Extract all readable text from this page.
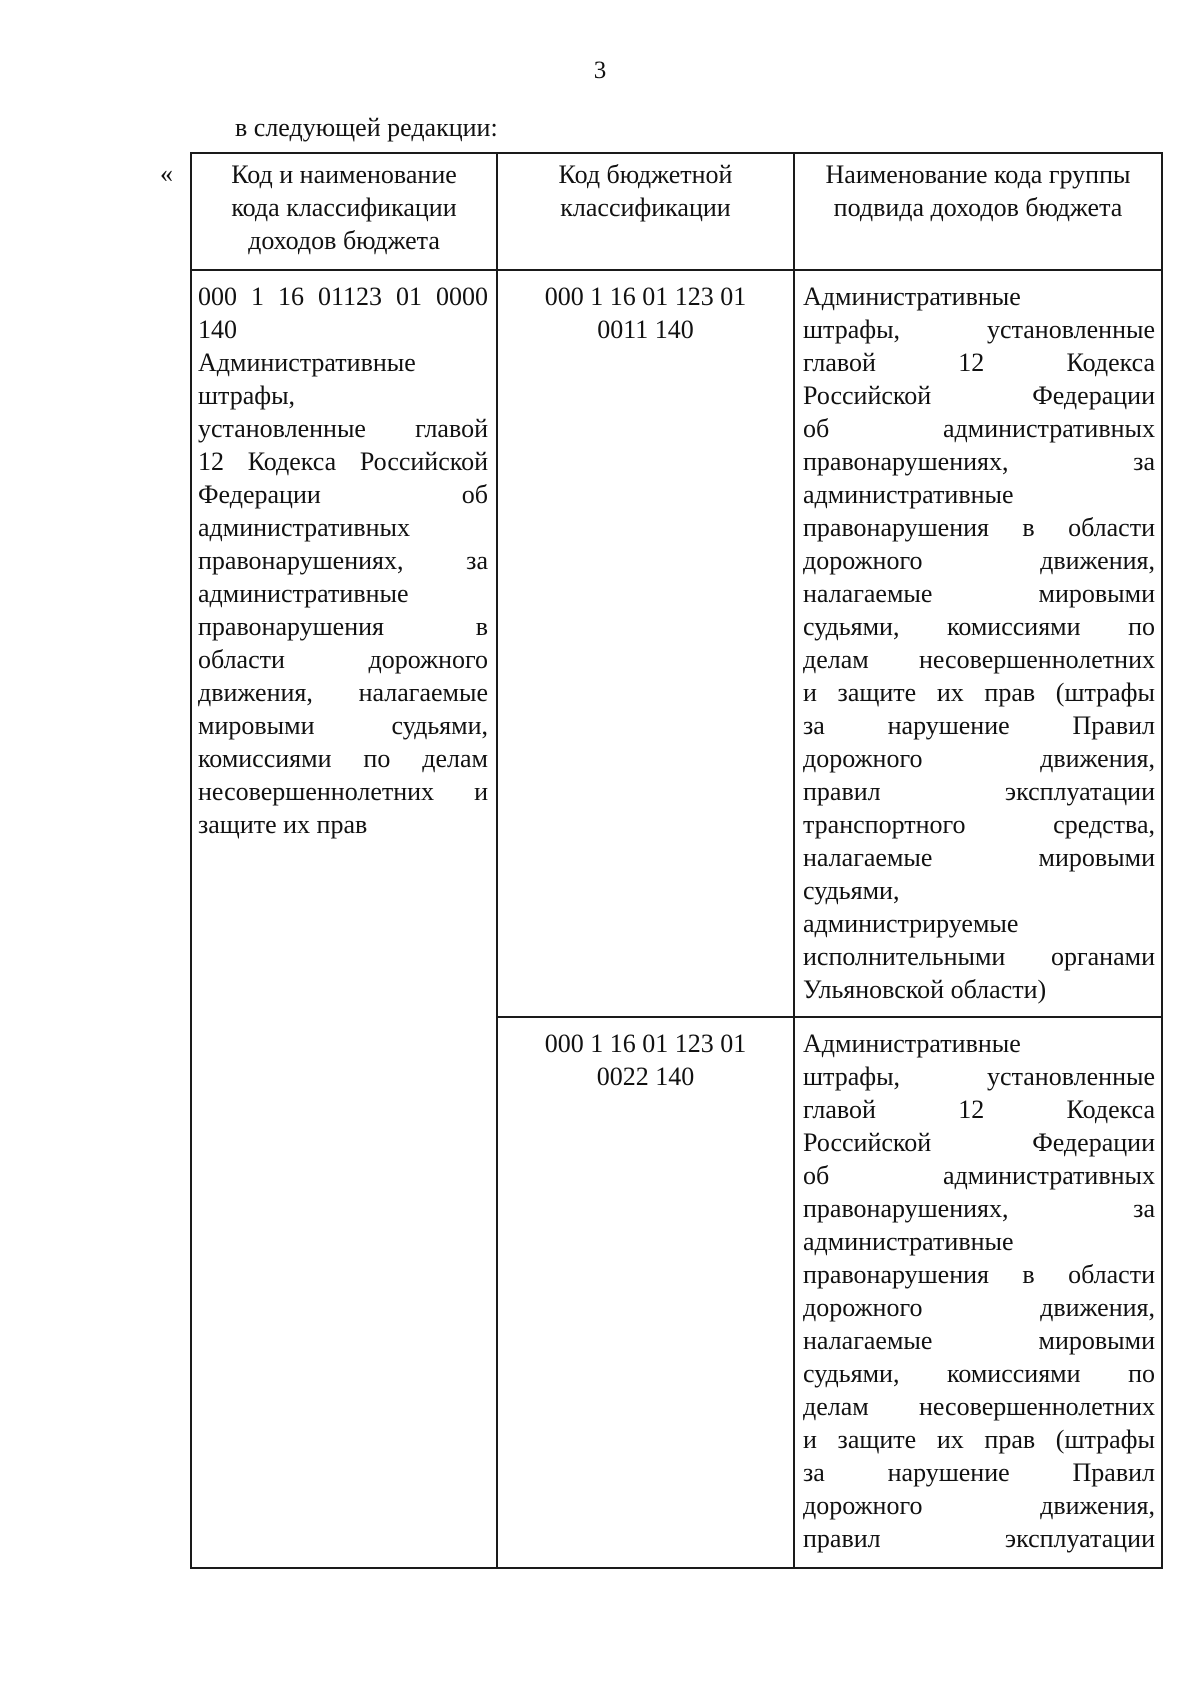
3
в следующей редакции:
«	Код и наименование
кода классификации
доходов бюджета
Код бюджетной
классификации
Наименование кода группы
подвида доходов бюджета
000 1 16 01123 01 0000
140
Административные
штрафы,
установленные главой
12 Кодекса Российской
Федерации об
административных
правонарушениях, за
административные
правонарушения в
области дорожного
движения, налагаемые
мировыми судьями,
комиссиями по делам
несовершеннолетних и
защите их прав
000 1 16 01 123 01
0011 140
Административные
штрафы, установленные
главой 12 Кодекса
Российской Федерации
об административных
правонарушениях, за
административные
правонарушения в области
дорожного движения,
налагаемые мировыми
судьями, комиссиями по
делам несовершеннолетних
и защите их прав (штрафы
за нарушение Правил
дорожного движения,
правил эксплуатации
транспортного средства,
налагаемые мировыми
судьями,
администрируемые
исполнительными органами
Ульяновской области)
000 1 16 01 123 01
0022 140
Административные
штрафы, установленные
главой 12 Кодекса
Российской Федерации
об административных
правонарушениях, за
административные
правонарушения в области
дорожного движения,
налагаемые мировыми
судьями, комиссиями по
делам несовершеннолетних
и защите их прав (штрафы
за нарушение Правил
дорожного движения,
правил эксплуатации
